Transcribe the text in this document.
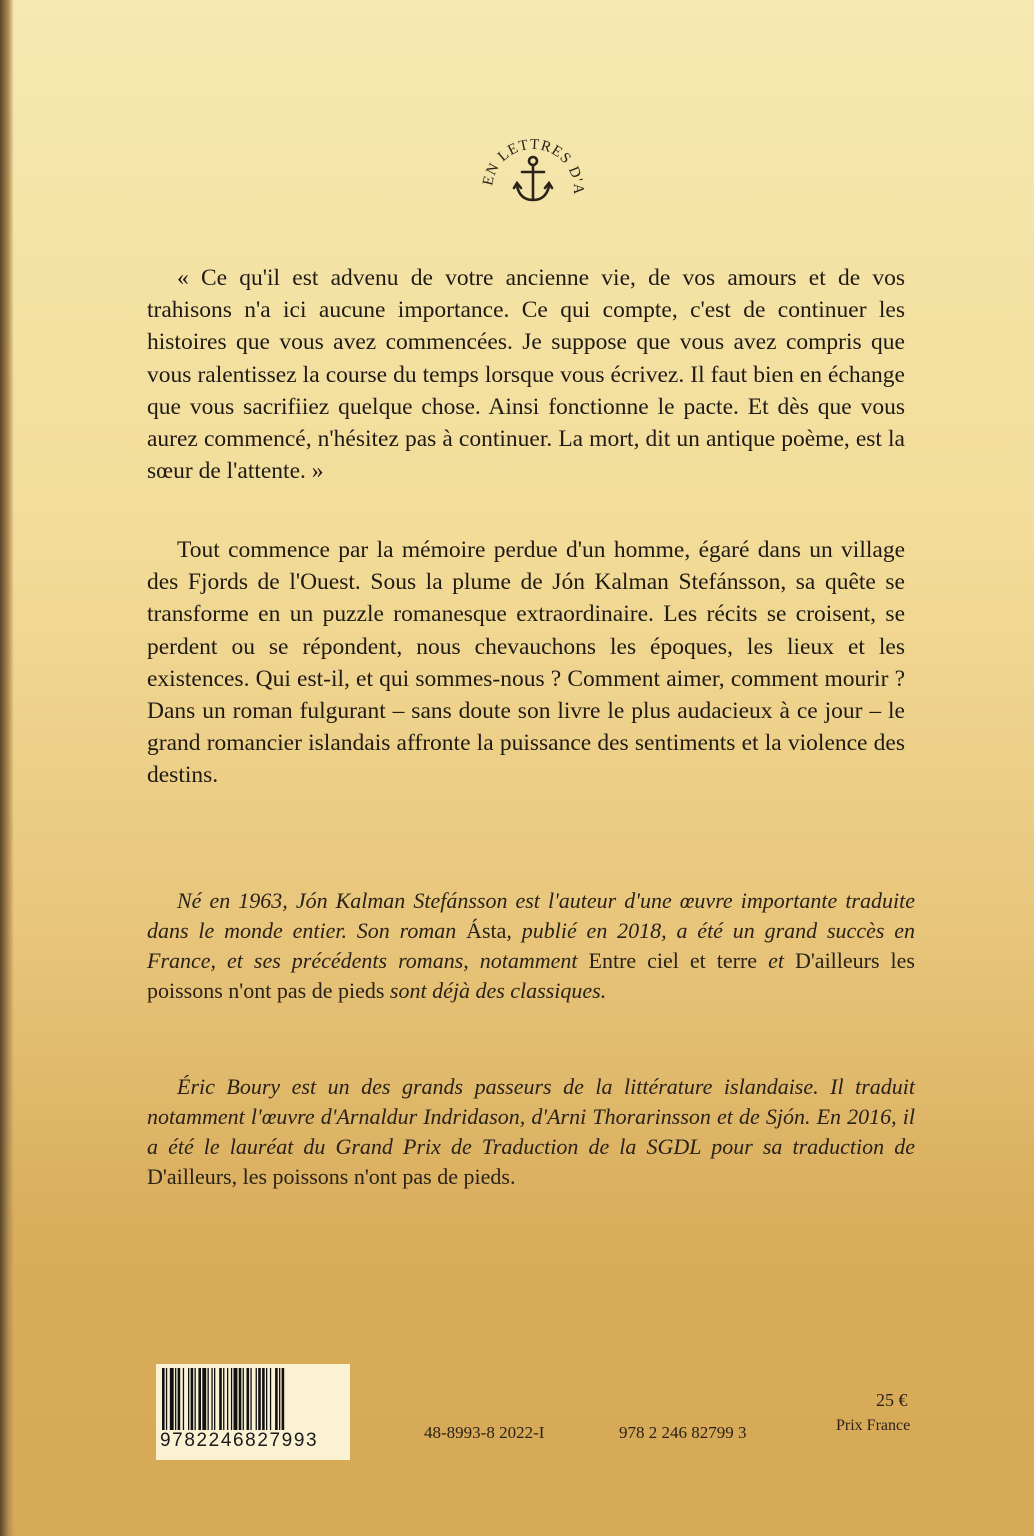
EN LETTRES D'A

« Ce qu'il est advenu de votre ancienne vie, de vos amours et de vos trahisons n'a ici aucune importance. Ce qui compte, c'est de continuer les histoires que vous avez commencées. Je suppose que vous avez compris que vous ralentissez la course du temps lorsque vous écrivez. Il faut bien en échange que vous sacrifiiez quelque chose. Ainsi fonctionne le pacte. Et dès que vous aurez commencé, n'hésitez pas à continuer. La mort, dit un antique poème, est la sœur de l'attente. »

Tout commence par la mémoire perdue d'un homme, égaré dans un village des Fjords de l'Ouest. Sous la plume de Jón Kalman Stefánsson, sa quête se transforme en un puzzle romanesque extraordinaire. Les récits se croisent, se perdent ou se répondent, nous chevauchons les époques, les lieux et les existences. Qui est-il, et qui sommes-nous ? Comment aimer, comment mourir ? Dans un roman fulgurant – sans doute son livre le plus audacieux à ce jour – le grand romancier islandais affronte la puissance des sentiments et la violence des destins.

Né en 1963, Jón Kalman Stefánsson est l'auteur d'une œuvre importante traduite dans le monde entier. Son roman Ásta, publié en 2018, a été un grand succès en France, et ses précédents romans, notamment Entre ciel et terre et D'ailleurs les poissons n'ont pas de pieds sont déjà des classiques.

Éric Boury est un des grands passeurs de la littérature islandaise. Il traduit notamment l'œuvre d'Arnaldur Indridason, d'Arni Thorarinsson et de Sjón. En 2016, il a été le lauréat du Grand Prix de Traduction de la SGDL pour sa traduction de D'ailleurs, les poissons n'ont pas de pieds.

9782246827993	48-8993-8 2022-I	978 2 246 82799 3
25 €
Prix France
